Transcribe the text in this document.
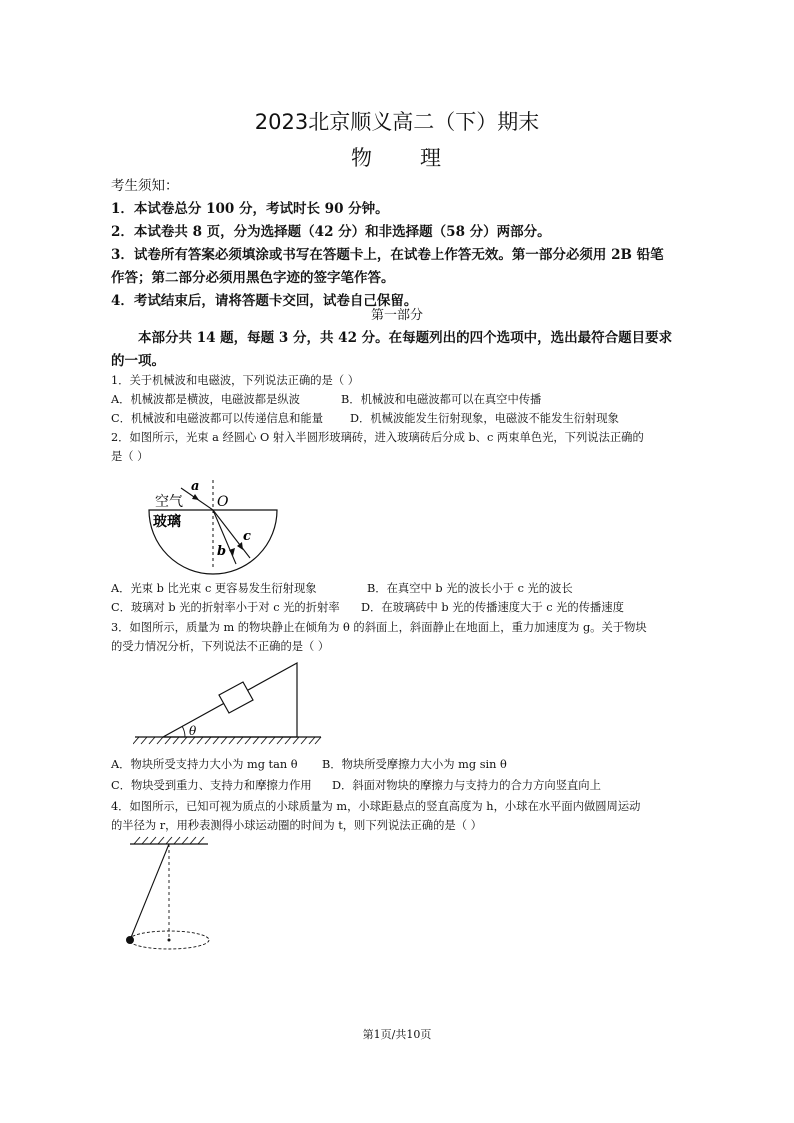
2023北京顺义高二（下）期末
物 理
考生须知：
1．本试卷总分 100 分，考试时长 90 分钟。
2．本试卷共 8 页，分为选择题（42 分）和非选择题（58 分）两部分。
3．试卷所有答案必须填涂或书写在答题卡上，在试卷上作答无效。第一部分必须用 2B 铅笔
作答；第二部分必须用黑色字迹的签字笔作答。
4．考试结束后，请将答题卡交回，试卷自己保留。
第一部分
本部分共 14 题，每题 3 分，共 42 分。在每题列出的四个选项中，选出最符合题目要求
的一项。
1．关于机械波和电磁波，下列说法正确的是（ ）
A．机械波都是横波，电磁波都是纵波	B．机械波和电磁波都可以在真空中传播
C．机械波和电磁波都可以传递信息和能量 D．机械波能发生衍射现象，电磁波不能发生衍射现象
2．如图所示，光束 a 经圆心 O 射入半圆形玻璃砖，进入玻璃砖后分成 b、c 两束单色光，下列说法正确的
是（ ）
a
O
空气
玻璃
c
b
A．光束 b 比光束 c 更容易发生衍射现象	B．在真空中 b 光的波长小于 c 光的波长
C．玻璃对 b 光的折射率小于对 c 光的折射率 D．在玻璃砖中 b 光的传播速度大于 c 光的传播速度
3．如图所示，质量为 m 的物块静止在倾角为 θ 的斜面上，斜面静止在地面上，重力加速度为 g。关于物块
的受力情况分析，下列说法不正确的是（ ）
θ
A．物块所受支持力大小为 mg tan θ B．物块所受摩擦力大小为 mg sin θ
C．物块受到重力、支持力和摩擦力作用 D．斜面对物块的摩擦力与支持力的合力方向竖直向上
4．如图所示，已知可视为质点的小球质量为 m，小球距悬点的竖直高度为 h，小球在水平面内做圆周运动
的半径为 r，用秒表测得小球运动圈的时间为 t，则下列说法正确的是（ ）
第1页/共10页
